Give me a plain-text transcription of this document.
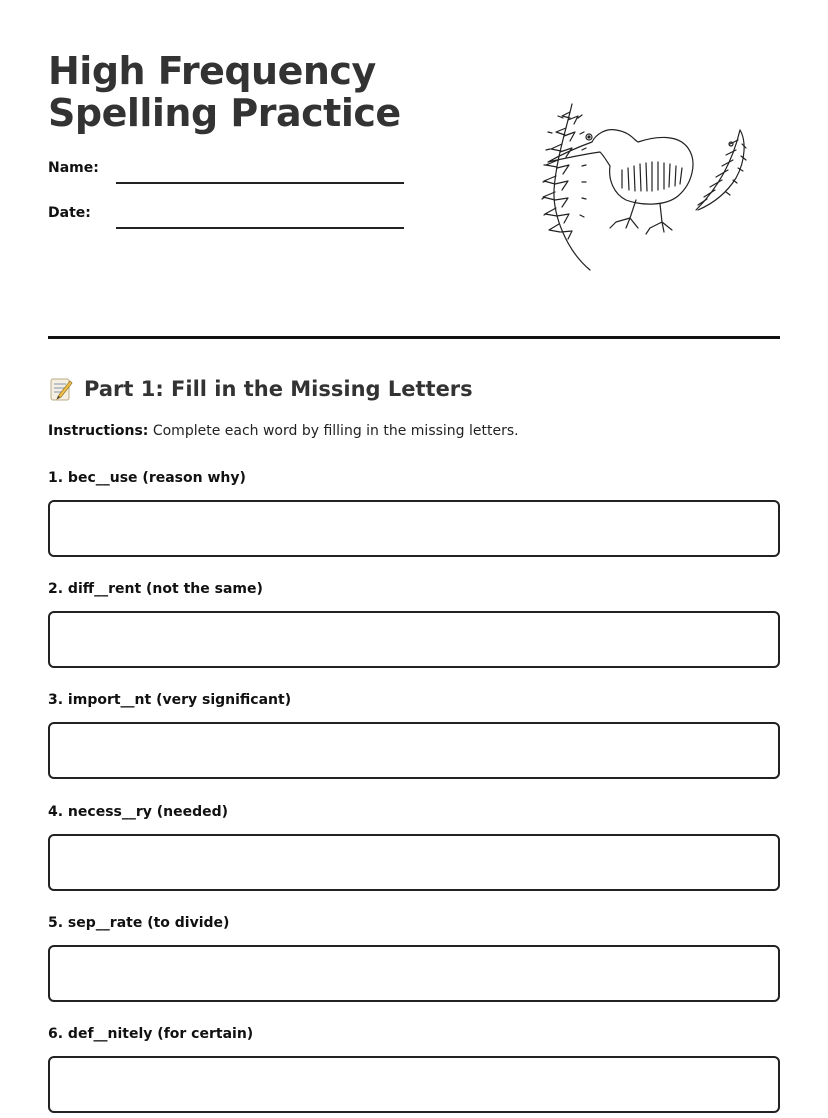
High Frequency Spelling Practice
Name:
Date:
Part 1: Fill in the Missing Letters

Instructions: Complete each word by filling in the missing letters.

1. bec__use (reason why)
2. diff__rent (not the same)
3. import__nt (very significant)
4. necess__ry (needed)
5. sep__rate (to divide)
6. def__nitely (for certain)
